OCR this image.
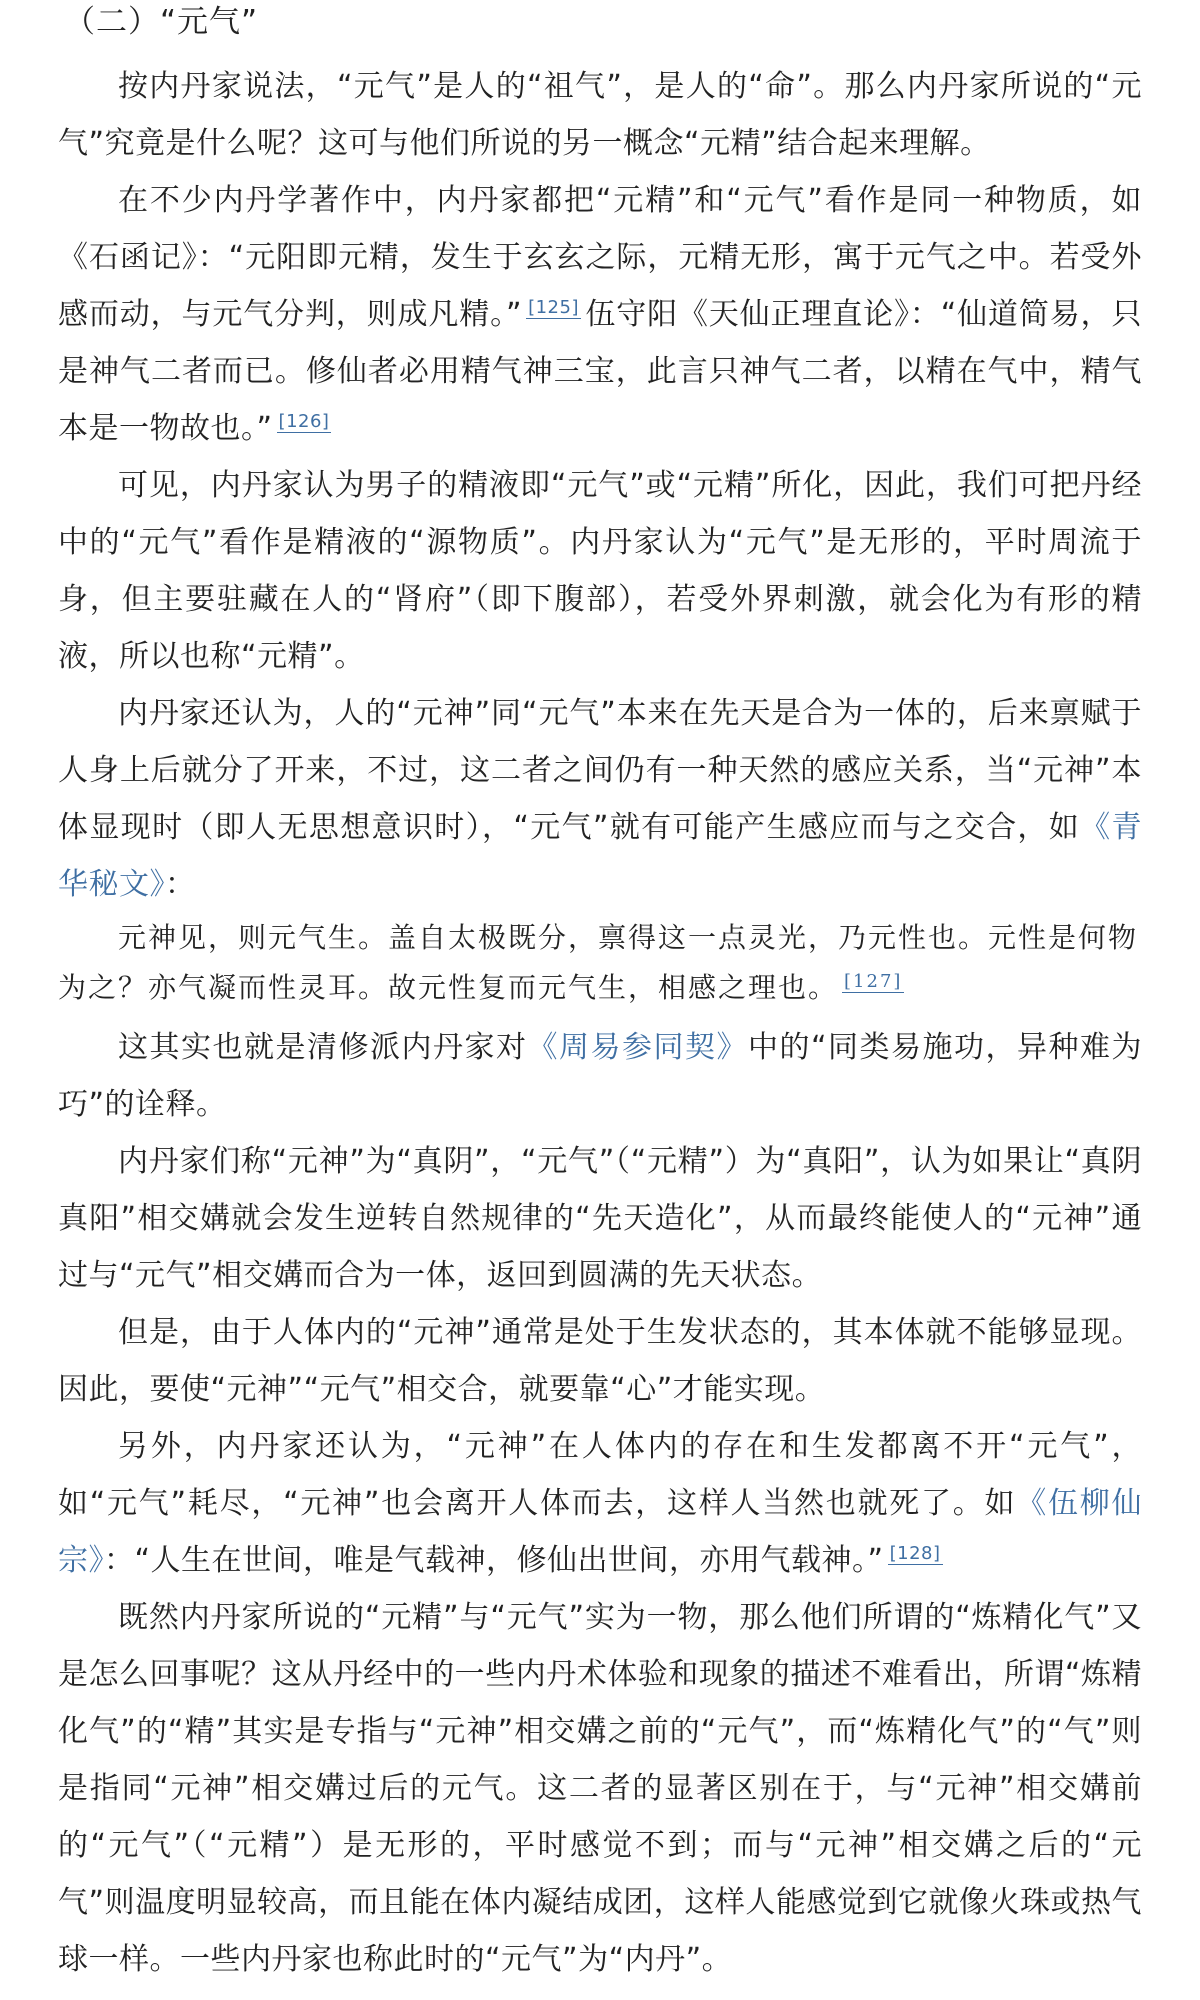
（二）“元气”

按内丹家说法，“元气”是人的“祖气”，是人的“命”。那么内丹家所说的“元气”究竟是什么呢？这可与他们所说的另一概念“元精”结合起来理解。

在不少内丹学著作中，内丹家都把“元精”和“元气”看作是同一种物质，如《石函记》：“元阳即元精，发生于玄玄之际，元精无形，寓于元气之中。若受外感而动，与元气分判，则成凡精。” [125] 伍守阳《天仙正理直论》：“仙道简易，只是神气二者而已。修仙者必用精气神三宝，此言只神气二者，以精在气中，精气本是一物故也。” [126]

可见，内丹家认为男子的精液即“元气”或“元精”所化，因此，我们可把丹经中的“元气”看作是精液的“源物质”。内丹家认为“元气”是无形的，平时周流于身，但主要驻藏在人的“肾府”（即下腹部），若受外界刺激，就会化为有形的精液，所以也称“元精”。

内丹家还认为，人的“元神”同“元气”本来在先天是合为一体的，后来禀赋于人身上后就分了开来，不过，这二者之间仍有一种天然的感应关系，当“元神”本体显现时（即人无思想意识时），“元气”就有可能产生感应而与之交合，如《青华秘文》：

元神见，则元气生。盖自太极既分，禀得这一点灵光，乃元性也。元性是何物为之？亦气凝而性灵耳。故元性复而元气生，相感之理也。 [127]

这其实也就是清修派内丹家对《周易参同契》中的“同类易施功，异种难为巧”的诠释。

内丹家们称“元神”为“真阴”，“元气”（“元精”）为“真阳”，认为如果让“真阴真阳”相交媾就会发生逆转自然规律的“先天造化”，从而最终能使人的“元神”通过与“元气”相交媾而合为一体，返回到圆满的先天状态。

但是，由于人体内的“元神”通常是处于生发状态的，其本体就不能够显现。因此，要使“元神”“元气”相交合，就要靠“心”才能实现。

另外，内丹家还认为，“元神”在人体内的存在和生发都离不开“元气”，如“元气”耗尽，“元神”也会离开人体而去，这样人当然也就死了。如《伍柳仙宗》：“人生在世间，唯是气载神，修仙出世间，亦用气载神。” [128]

既然内丹家所说的“元精”与“元气”实为一物，那么他们所谓的“炼精化气”又是怎么回事呢？这从丹经中的一些内丹术体验和现象的描述不难看出，所谓“炼精化气”的“精”其实是专指与“元神”相交媾之前的“元气”，而“炼精化气”的“气”则是指同“元神”相交媾过后的元气。这二者的显著区别在于，与“元神”相交媾前的“元气”（“元精”）是无形的，平时感觉不到；而与“元神”相交媾之后的“元气”则温度明显较高，而且能在体内凝结成团，这样人能感觉到它就像火珠或热气球一样。一些内丹家也称此时的“元气”为“内丹”。
